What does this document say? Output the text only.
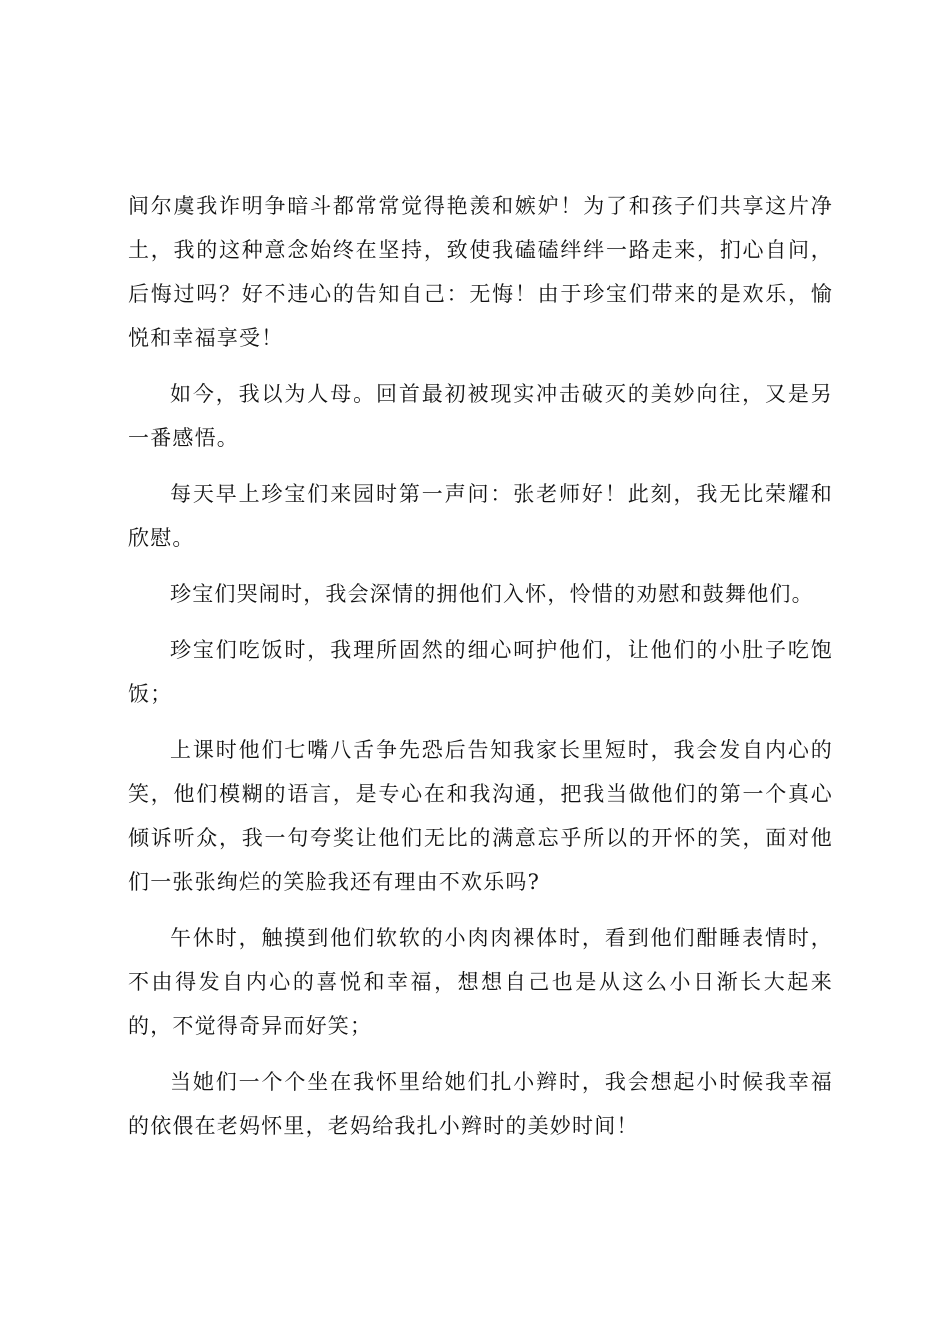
间尔虞我诈明争暗斗都常常觉得艳羡和嫉妒！为了和孩子们共享这片净土，我的这种意念始终在坚持，致使我磕磕绊绊一路走来，扪心自问，后悔过吗？好不违心的告知自己：无悔！由于珍宝们带来的是欢乐，愉悦和幸福享受！

如今，我以为人母。回首最初被现实冲击破灭的美妙向往，又是另一番感悟。

每天早上珍宝们来园时第一声问：张老师好！此刻，我无比荣耀和欣慰。

珍宝们哭闹时，我会深情的拥他们入怀，怜惜的劝慰和鼓舞他们。

珍宝们吃饭时，我理所固然的细心呵护他们，让他们的小肚子吃饱饭；

上课时他们七嘴八舌争先恐后告知我家长里短时，我会发自内心的笑，他们模糊的语言，是专心在和我沟通，把我当做他们的第一个真心倾诉听众，我一句夸奖让他们无比的满意忘乎所以的开怀的笑，面对他们一张张绚烂的笑脸我还有理由不欢乐吗?

午休时，触摸到他们软软的小肉肉裸体时，看到他们酣睡表情时，不由得发自内心的喜悦和幸福，想想自己也是从这么小日渐长大起来的，不觉得奇异而好笑；

当她们一个个坐在我怀里给她们扎小辫时，我会想起小时候我幸福的依偎在老妈怀里，老妈给我扎小辫时的美妙时间！
